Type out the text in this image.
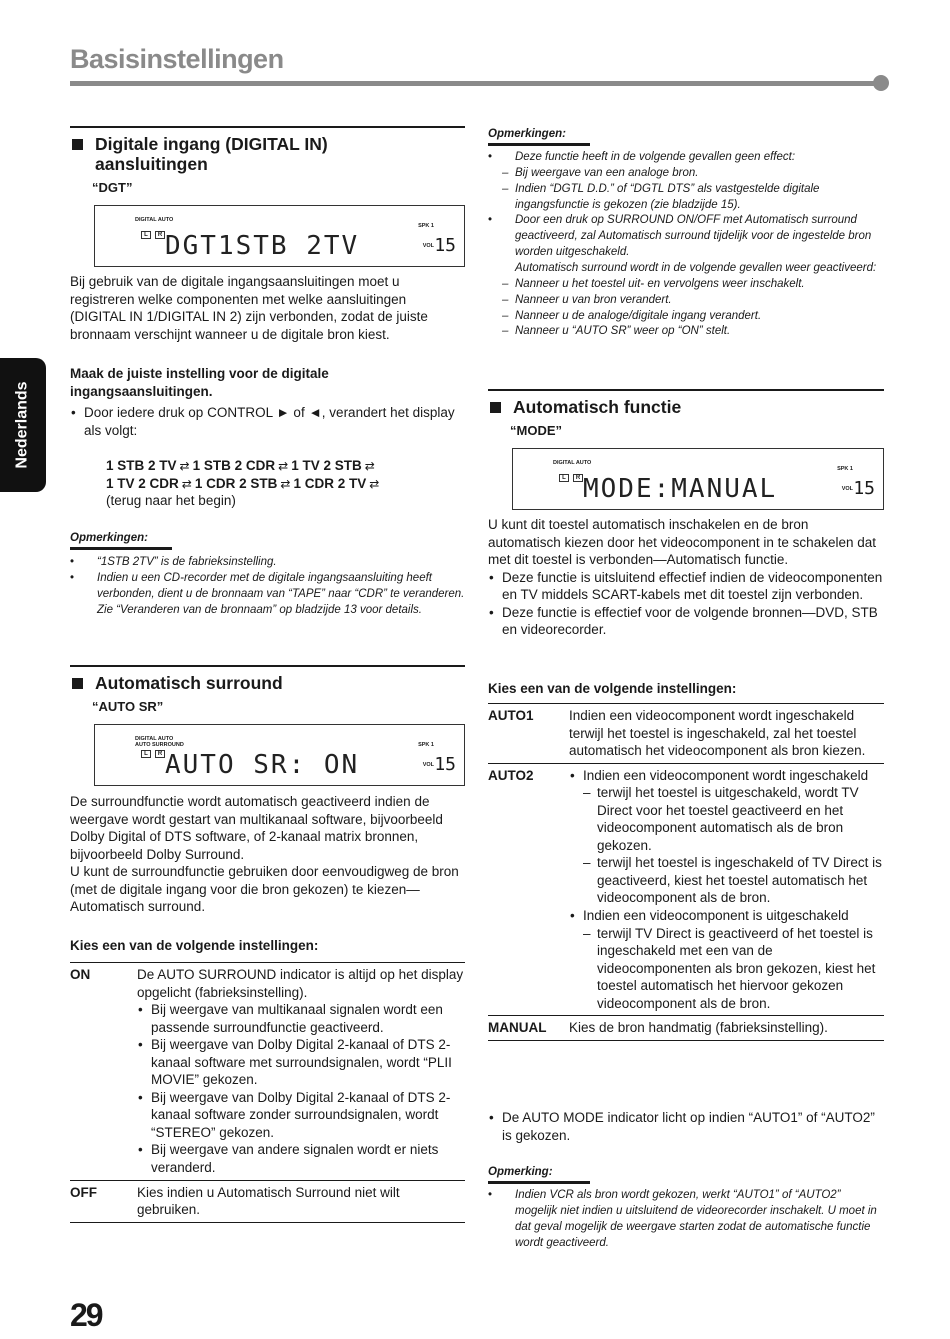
Basisinstellingen
Nederlands
Digitale ingang (DIGITAL IN)
aansluitingen
“DGT”
DIGITAL AUTO
L	R
SPK 1
DGT1STB 2TV	VOL 15
Bij gebruik van de digitale ingangsaansluitingen moet u registreren welke componenten met welke aansluitingen (DIGITAL IN 1/DIGITAL IN 2) zijn verbonden, zodat de juiste bronnaam verschijnt wanneer u de digitale bron kiest.
Maak de juiste instelling voor de digitale ingangsaansluitingen.
• Door iedere druk op CONTROL ► of ◄, verandert het display als volgt:
1 STB 2 TV ⇄ 1 STB 2 CDR ⇄ 1 TV 2 STB ⇄
1 TV 2 CDR ⇄ 1 CDR 2 STB ⇄ 1 CDR 2 TV ⇄
(terug naar het begin)
Opmerkingen:
• “1STB 2TV” is de fabrieksinstelling.
• Indien u een CD-recorder met de digitale ingangsaansluiting heeft verbonden, dient u de bronnaam van “TAPE” naar “CDR” te veranderen.
Zie “Veranderen van de bronnaam” op bladzijde 13 voor details.
Automatisch surround
“AUTO SR”
DIGITAL AUTO
AUTO SURROUND
L	R
SPK 1
AUTO SR: ON	VOL 15
De surroundfunctie wordt automatisch geactiveerd indien de weergave wordt gestart van multikanaal software, bijvoorbeeld Dolby Digital of DTS software, of 2-kanaal matrix bronnen, bijvoorbeeld Dolby Surround.
U kunt de surroundfunctie gebruiken door eenvoudigweg de bron (met de digitale ingang voor die bron gekozen) te kiezen—Automatisch surround.
Kies een van de volgende instellingen:
ON	De AUTO SURROUND indicator is altijd op het display opgelicht (fabrieksinstelling).
• Bij weergave van multikanaal signalen wordt een passende surroundfunctie geactiveerd.
• Bij weergave van Dolby Digital 2-kanaal of DTS 2-kanaal software met surroundsignalen, wordt “PLII MOVIE” gekozen.
• Bij weergave van Dolby Digital 2-kanaal of DTS 2-kanaal software zonder surroundsignalen, wordt “STEREO” gekozen.
• Bij weergave van andere signalen wordt er niets veranderd.

OFF	Kies indien u Automatisch Surround niet wilt gebruiken.
Opmerkingen:
• Deze functie heeft in de volgende gevallen geen effect:
– Bij weergave van een analoge bron.
– Indien “DGTL D.D.” of “DGTL DTS” als vastgestelde digitale ingangsfunctie is gekozen (zie bladzijde 15).
• Door een druk op SURROUND ON/OFF met Automatisch surround geactiveerd, zal Automatisch surround tijdelijk voor de ingestelde bron worden uitgeschakeld.
Automatisch surround wordt in de volgende gevallen weer geactiveerd:
– Nanneer u het toestel uit- en vervolgens weer inschakelt.
– Nanneer u van bron verandert.
– Nanneer u de analoge/digitale ingang verandert.
– Nanneer u “AUTO SR” weer op “ON” stelt.
Automatisch functie
“MODE”
DIGITAL AUTO
L	R
SPK 1
MODE:MANUAL	VOL 15
U kunt dit toestel automatisch inschakelen en de bron automatisch kiezen door het videocomponent in te schakelen dat met dit toestel is verbonden—Automatisch functie.
• Deze functie is uitsluitend effectief indien de videocomponenten en TV middels SCART-kabels met dit toestel zijn verbonden.
• Deze functie is effectief voor de volgende bronnen—DVD, STB en videorecorder.
Kies een van de volgende instellingen:
AUTO1	Indien een videocomponent wordt ingeschakeld terwijl het toestel is ingeschakeld, zal het toestel automatisch het videocomponent als bron kiezen.
AUTO2	• Indien een videocomponent wordt ingeschakeld
– terwijl het toestel is uitgeschakeld, wordt TV Direct voor het toestel geactiveerd en het videocomponent automatisch als de bron gekozen.
– terwijl het toestel is ingeschakeld of TV Direct is geactiveerd, kiest het toestel automatisch het videocomponent als de bron.
• Indien een videocomponent is uitgeschakeld
– terwijl TV Direct is geactiveerd of het toestel is ingeschakeld met een van de videocomponenten als bron gekozen, kiest het toestel automatisch het hiervoor gekozen videocomponent als de bron.

MANUAL	Kies de bron handmatig (fabrieksinstelling).
• De AUTO MODE indicator licht op indien “AUTO1” of “AUTO2” is gekozen.
Opmerking:
• Indien VCR als bron wordt gekozen, werkt “AUTO1” of “AUTO2” mogelijk niet indien u uitsluitend de videorecorder inschakelt. U moet in dat geval mogelijk de weergave starten zodat de automatische functie wordt geactiveerd.
29
